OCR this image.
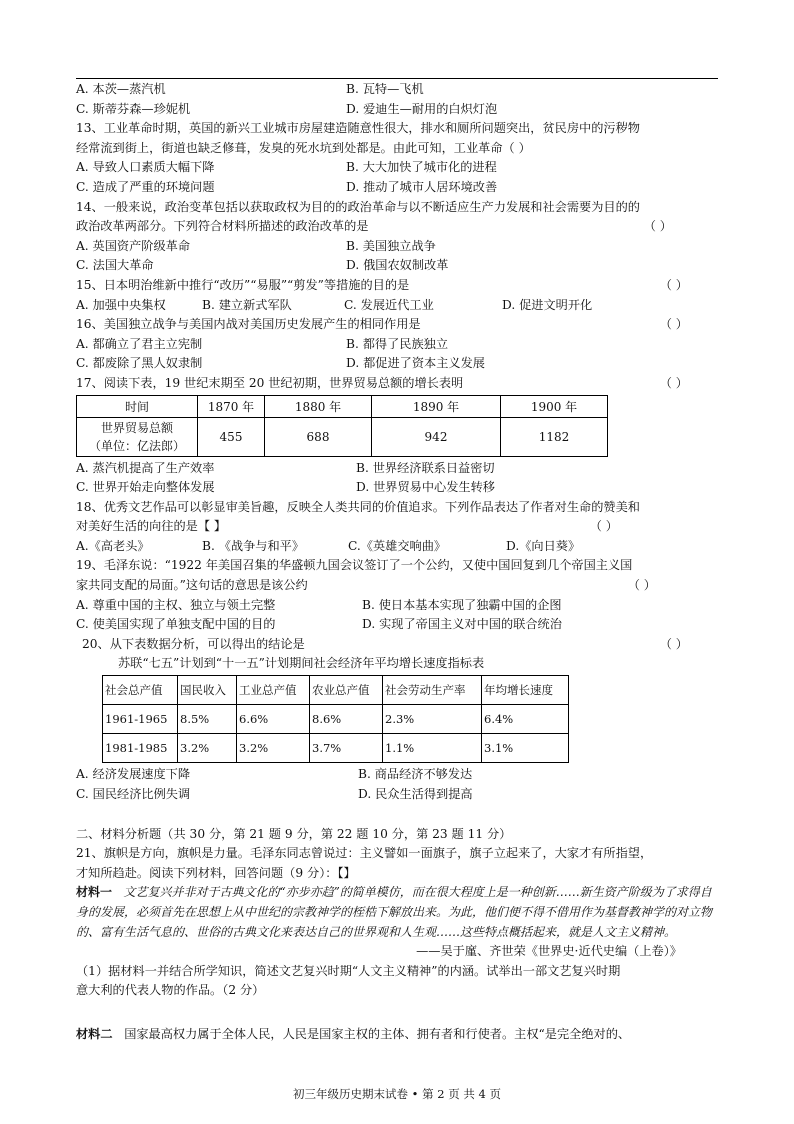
A. 本茨—蒸汽机	B. 瓦特—飞机
C. 斯蒂芬森—珍妮机	D. 爱迪生—耐用的白炽灯泡
13、工业革命时期，英国的新兴工业城市房屋建造随意性很大，排水和厕所问题突出，贫民房中的污秽物
经常流到街上，街道也缺乏修葺，发臭的死水坑到处都是。由此可知，工业革命（ ）
A. 导致人口素质大幅下降	B. 大大加快了城市化的进程
C. 造成了严重的环境问题	D. 推动了城市人居环境改善
14、一般来说，政治变革包括以获取政权为目的的政治革命与以不断适应生产力发展和社会需要为目的的
政治改革两部分。下列符合材料所描述的政治改革的是	（ ）
A. 英国资产阶级革命	B. 美国独立战争
C. 法国大革命	D. 俄国农奴制改革
15、日本明治维新中推行“改历”“易服”“剪发”等措施的目的是	（ ）
A. 加强中央集权	B. 建立新式军队	C. 发展近代工业	D. 促进文明开化
16、美国独立战争与美国内战对美国历史发展产生的相同作用是	（ ）
A. 都确立了君主立宪制	B. 都得了民族独立
C. 都废除了黑人奴隶制	D. 都促进了资本主义发展
17、阅读下表，19 世纪末期至 20 世纪初期，世界贸易总额的增长表明	（ ）
时间	1870 年	1880 年	1890 年	1900 年

世界贸易总额
（单位：亿法郎）	455	688	942	1182
A. 蒸汽机提高了生产效率	B. 世界经济联系日益密切
C. 世界开始走向整体发展	D. 世界贸易中心发生转移
18、优秀文艺作品可以彰显审美旨趣，反映全人类共同的价值追求。下列作品表达了作者对生命的赞美和
对美好生活的向往的是【 】	（ ）
A.《高老头》	B. 《战争与和平》	C.《英雄交响曲》	D.《向日葵》
19、毛泽东说：“1922 年美国召集的华盛顿九国会议签订了一个公约，又使中国回复到几个帝国主义国
家共同支配的局面。”这句话的意思是该公约	（ ）
A. 尊重中国的主权、独立与领土完整	B. 使日本基本实现了独霸中国的企图
C. 使美国实现了单独支配中国的目的	D. 实现了帝国主义对中国的联合统治
20、从下表数据分析，可以得出的结论是	（ ）
苏联“七五”计划到“十一五”计划期间社会经济年平均增长速度指标表
社会总产值	国民收入	工业总产值	农业总产值	社会劳动生产率	年均增长速度
1961-1965	8.5%	6.6%	8.6%	2.3%	6.4%
1981-1985	3.2%	3.2%	3.7%	1.1%	3.1%
A. 经济发展速度下降	B. 商品经济不够发达
C. 国民经济比例失调	D. 民众生活得到提高
二、材料分析题（共 30 分，第 21 题 9 分，第 22 题 10 分，第 23 题 11 分）
21、旗帜是方向，旗帜是力量。毛泽东同志曾说过：主义譬如一面旗子，旗子立起来了，大家才有所指望，
才知所趋赴。阅读下列材料，回答问题（9 分）：【】
材料一 文艺复兴并非对于古典文化的“亦步亦趋”的简单模仿，而在很大程度上是一种创新……新生资产阶级为了求得自身的发展，必须首先在思想上从中世纪的宗教神学的桎梏下解放出来。为此，他们便不得不借用作为基督教神学的对立物的、富有生活气息的、世俗的古典文化来表达自己的世界观和人生观……这些特点概括起来，就是人文主义精神。
——吴于廑、齐世荣《世界史·近代史编（上卷）》
（1）据材料一并结合所学知识，简述文艺复兴时期“人文主义精神”的内涵。试举出一部文艺复兴时期
意大利的代表人物的作品。（2 分）
材料二 国家最高权力属于全体人民，人民是国家主权的主体、拥有者和行使者。主权“是完全绝对的、
初三年级历史期末试卷 • 第 2 页 共 4 页
